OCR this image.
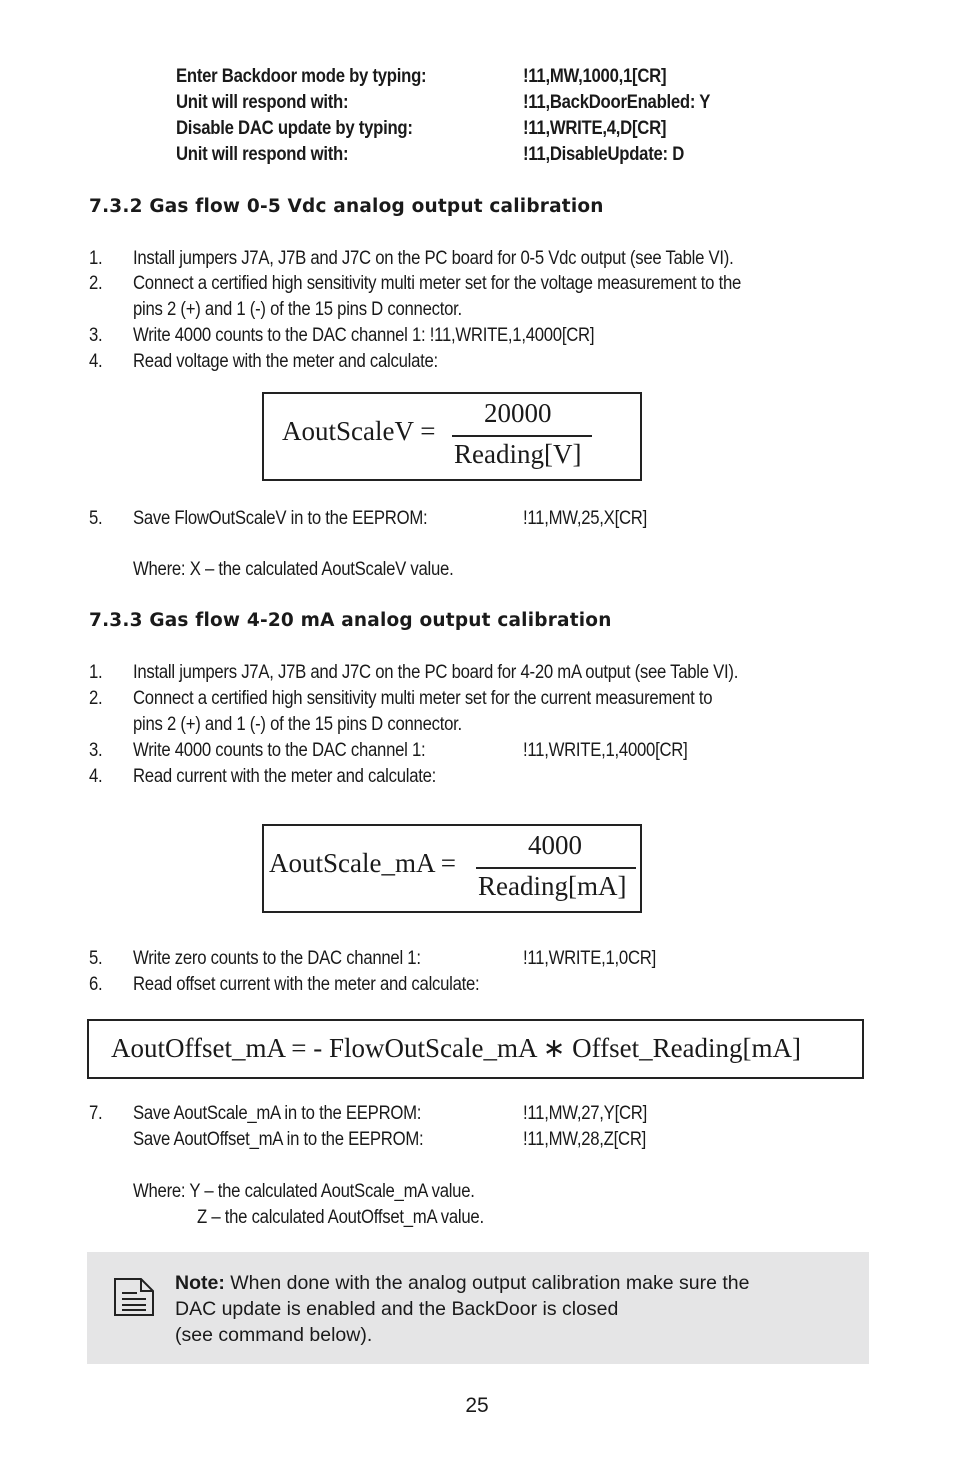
Enter Backdoor mode by typing:	!11,MW,1000,1[CR]
Unit will respond with:	!11,BackDoorEnabled: Y
Disable DAC update by typing:	!11,WRITE,4,D[CR]
Unit will respond with:	!11,DisableUpdate: D
7.3.2 Gas flow 0-5 Vdc analog output calibration
1. Install jumpers J7A, J7B and J7C on the PC board for 0-5 Vdc output (see Table VI).
2. Connect a certified high sensitivity multi meter set for the voltage measurement to the
pins 2 (+) and 1 (-) of the 15 pins D connector.
3. Write 4000 counts to the DAC channel 1: !11,WRITE,1,4000[CR]
4. Read voltage with the meter and calculate:
AoutScaleV =
20000
Reading[V]
5. Save FlowOutScaleV in to the EEPROM:	!11,MW,25,X[CR]
Where: X – the calculated AoutScaleV value.
7.3.3 Gas flow 4-20 mA analog output calibration
1. Install jumpers J7A, J7B and J7C on the PC board for 4-20 mA output (see Table VI).
2. Connect a certified high sensitivity multi meter set for the current measurement to
pins 2 (+) and 1 (-) of the 15 pins D connector.
3. Write 4000 counts to the DAC channel 1:	!11,WRITE,1,4000[CR]
4. Read current with the meter and calculate:
AoutScale_mA =
4000
Reading[mA]
5. Write zero counts to the DAC channel 1:	!11,WRITE,1,0CR]
6. Read offset current with the meter and calculate:
AoutOffset_mA = - FlowOutScale_mA ∗ Offset_Reading[mA]
7. Save AoutScale_mA in to the EEPROM:	!11,MW,27,Y[CR]
Save AoutOffset_mA in to the EEPROM:	!11,MW,28,Z[CR]
Where: Y – the calculated AoutScale_mA value.
Z – the calculated AoutOffset_mA value.
Note: When done with the analog output calibration make sure the
DAC update is enabled and the BackDoor is closed
(see command below).
25
